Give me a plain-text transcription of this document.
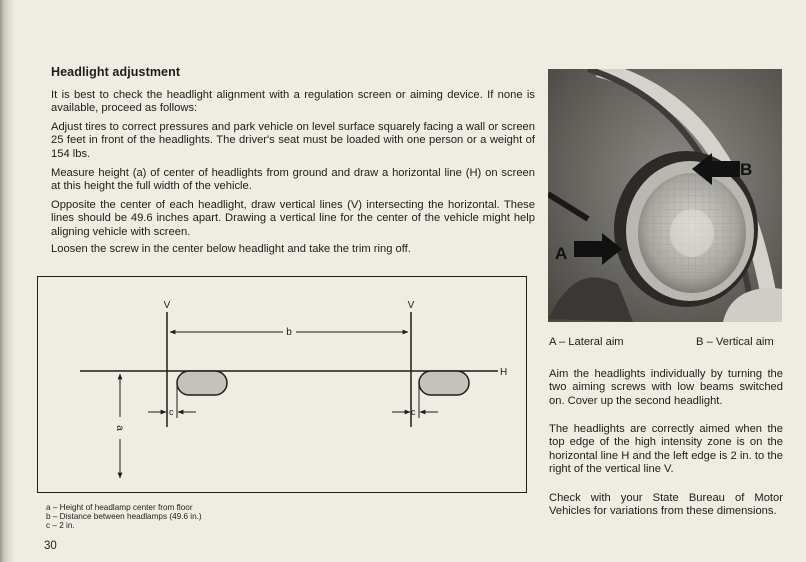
Headlight adjustment

It is best to check the headlight alignment with a regulation screen or aiming device. If none is available, proceed as follows:

Adjust tires to correct pressures and park vehicle on level surface squarely facing a wall or screen 25 feet in front of the headlights. The driver's seat must be loaded with one person or a weight of 154 lbs.

Measure height (a) of center of headlights from ground and draw a horizontal line (H) on screen at this height the full width of the vehicle.

Opposite the center of each headlight, draw vertical lines (V) intersecting the horizontal. These lines should be 49.6 inches apart. Drawing a vertical line for the center of the vehicle might help aligning vehicle with screen.

Loosen the screw in the center below headlight and take the trim ring off.

V	V
b
H
a
c	c
a – Height of headlamp center from floor
b – Distance between headlamps (49.6 in.)
c – 2 in.
30
A
B
A – Lateral aim	B – Vertical aim

Aim the headlights individually by turning the two aiming screws with low beams switched on. Cover up the second headlight.

The headlights are correctly aimed when the top edge of the high intensity zone is on the horizontal line H and the left edge is 2 in. to the right of the vertical line V.

Check with your State Bureau of Motor Vehicles for variations from these dimensions.
